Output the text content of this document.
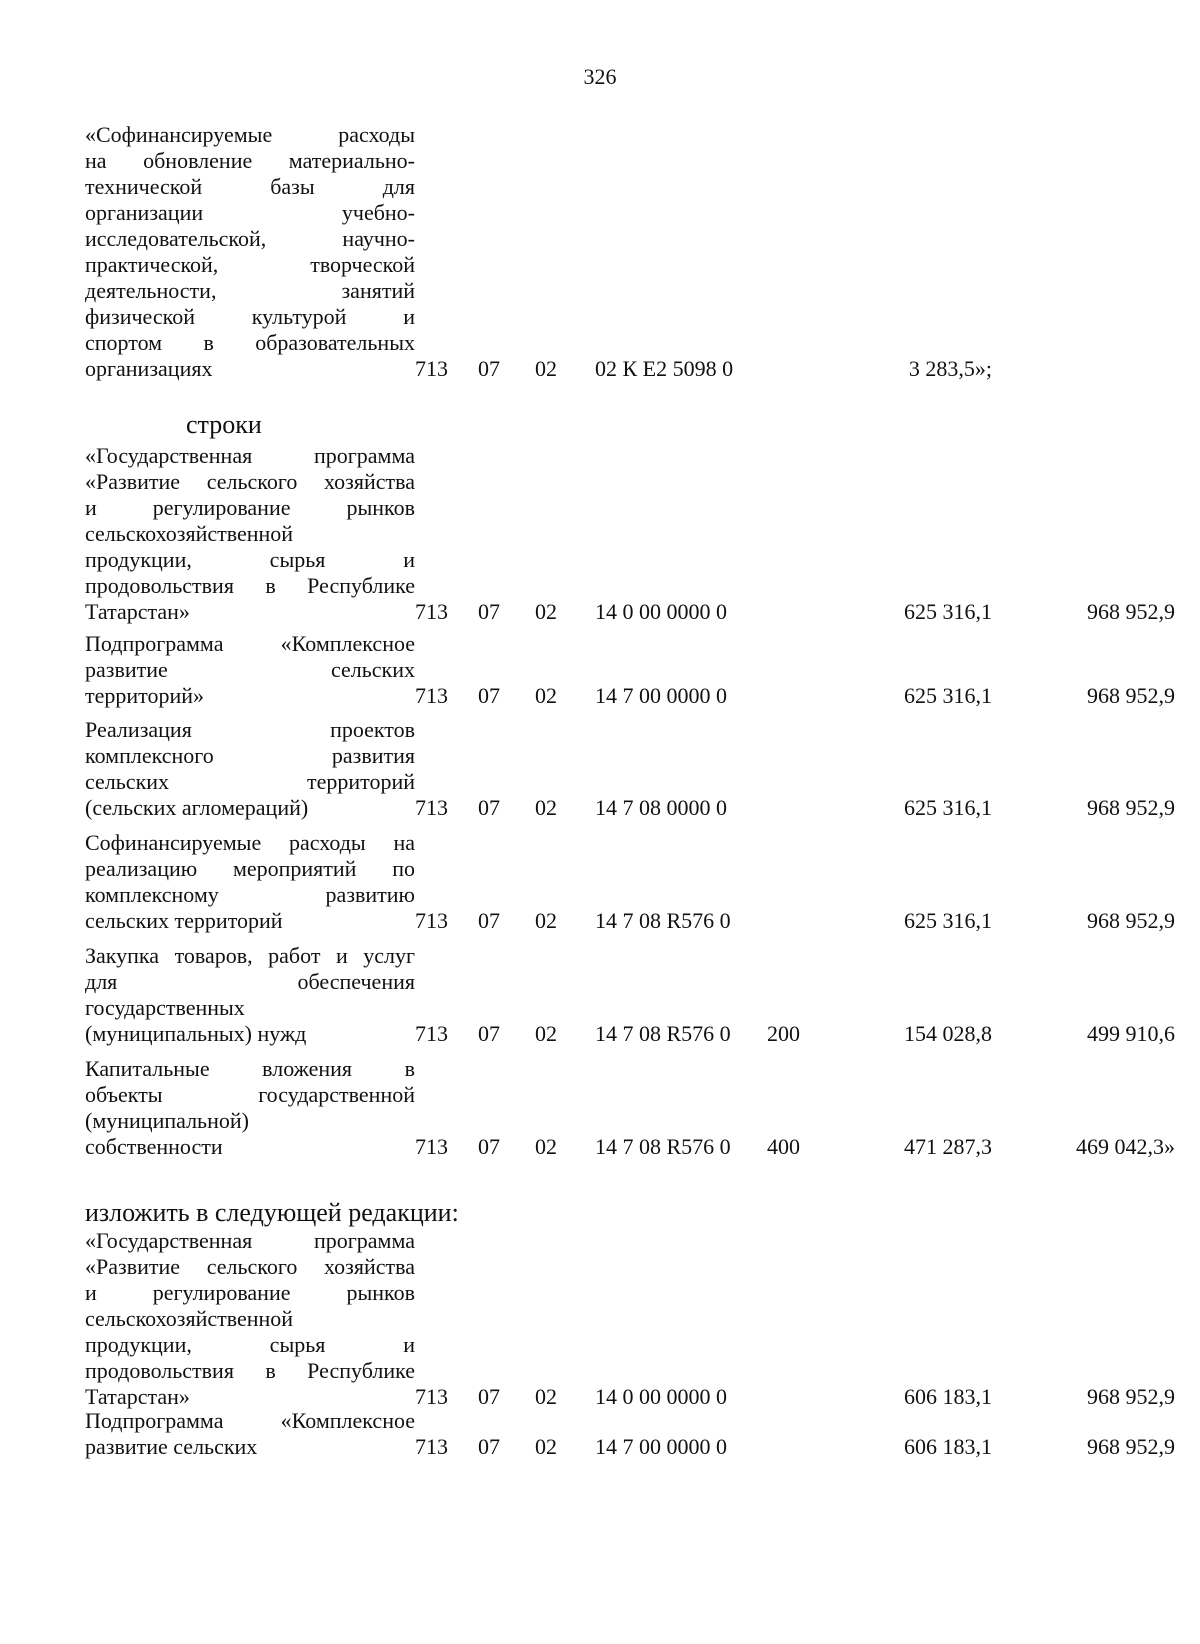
326
строки
изложить в следующей редакции:
«Софинансируемые расходы
на обновление материально-
технической базы для
организации учебно-
исследовательской, научно-
практической, творческой
деятельности, занятий
физической культурой и
спортом в образовательных
организациях	713 07 02 02 К Е2 5098 0	3 283,5»;
«Государственная программа
«Развитие сельского хозяйства
и регулирование рынков
сельскохозяйственной
продукции, сырья и
продовольствия в Республике
Татарстан»	713 07 02 14 0 00 0000 0	625 316,1	968 952,9
Подпрограмма «Комплексное
развитие сельских
территорий»	713 07 02 14 7 00 0000 0	625 316,1	968 952,9
Реализация проектов
комплексного развития
сельских территорий
(сельских агломераций)	713 07 02 14 7 08 0000 0	625 316,1	968 952,9
Софинансируемые расходы на
реализацию мероприятий по
комплексному развитию
сельских территорий	713 07 02 14 7 08 R576 0	625 316,1	968 952,9
Закупка товаров, работ и услуг
для обеспечения
государственных
(муниципальных) нужд	713 07 02 14 7 08 R576 0 200	154 028,8	499 910,6
Капитальные вложения в
объекты государственной
(муниципальной)
собственности	713 07 02 14 7 08 R576 0 400	471 287,3	469 042,3»
«Государственная программа
«Развитие сельского хозяйства
и регулирование рынков
сельскохозяйственной
продукции, сырья и
продовольствия в Республике
Татарстан»	713 07 02 14 0 00 0000 0	606 183,1	968 952,9
Подпрограмма «Комплексное
развитие сельских	713 07 02 14 7 00 0000 0	606 183,1	968 952,9
